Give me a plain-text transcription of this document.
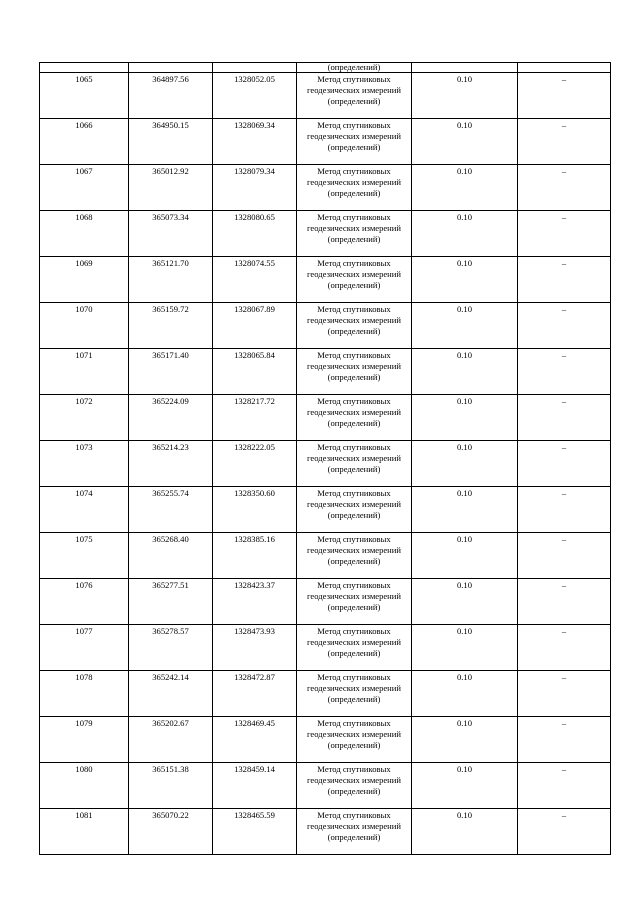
			(определений)		
1065	364897.56	1328052.05	Метод спутниковых геодезических измерений (определений)	0.10	–
1066	364950.15	1328069.34	Метод спутниковых геодезических измерений (определений)	0.10	–
1067	365012.92	1328079.34	Метод спутниковых геодезических измерений (определений)	0.10	–
1068	365073.34	1328080.65	Метод спутниковых геодезических измерений (определений)	0.10	–
1069	365121.70	1328074.55	Метод спутниковых геодезических измерений (определений)	0.10	–
1070	365159.72	1328067.89	Метод спутниковых геодезических измерений (определений)	0.10	–
1071	365171.40	1328065.84	Метод спутниковых геодезических измерений (определений)	0.10	–
1072	365224.09	1328217.72	Метод спутниковых геодезических измерений (определений)	0.10	–
1073	365214.23	1328222.05	Метод спутниковых геодезических измерений (определений)	0.10	–
1074	365255.74	1328350.60	Метод спутниковых геодезических измерений (определений)	0.10	–
1075	365268.40	1328385.16	Метод спутниковых геодезических измерений (определений)	0.10	–
1076	365277.51	1328423.37	Метод спутниковых геодезических измерений (определений)	0.10	–
1077	365278.57	1328473.93	Метод спутниковых геодезических измерений (определений)	0.10	–
1078	365242.14	1328472.87	Метод спутниковых геодезических измерений (определений)	0.10	–
1079	365202.67	1328469.45	Метод спутниковых геодезических измерений (определений)	0.10	–
1080	365151.38	1328459.14	Метод спутниковых геодезических измерений (определений)	0.10	–
1081	365070.22	1328465.59	Метод спутниковых геодезических измерений (определений)	0.10	–
